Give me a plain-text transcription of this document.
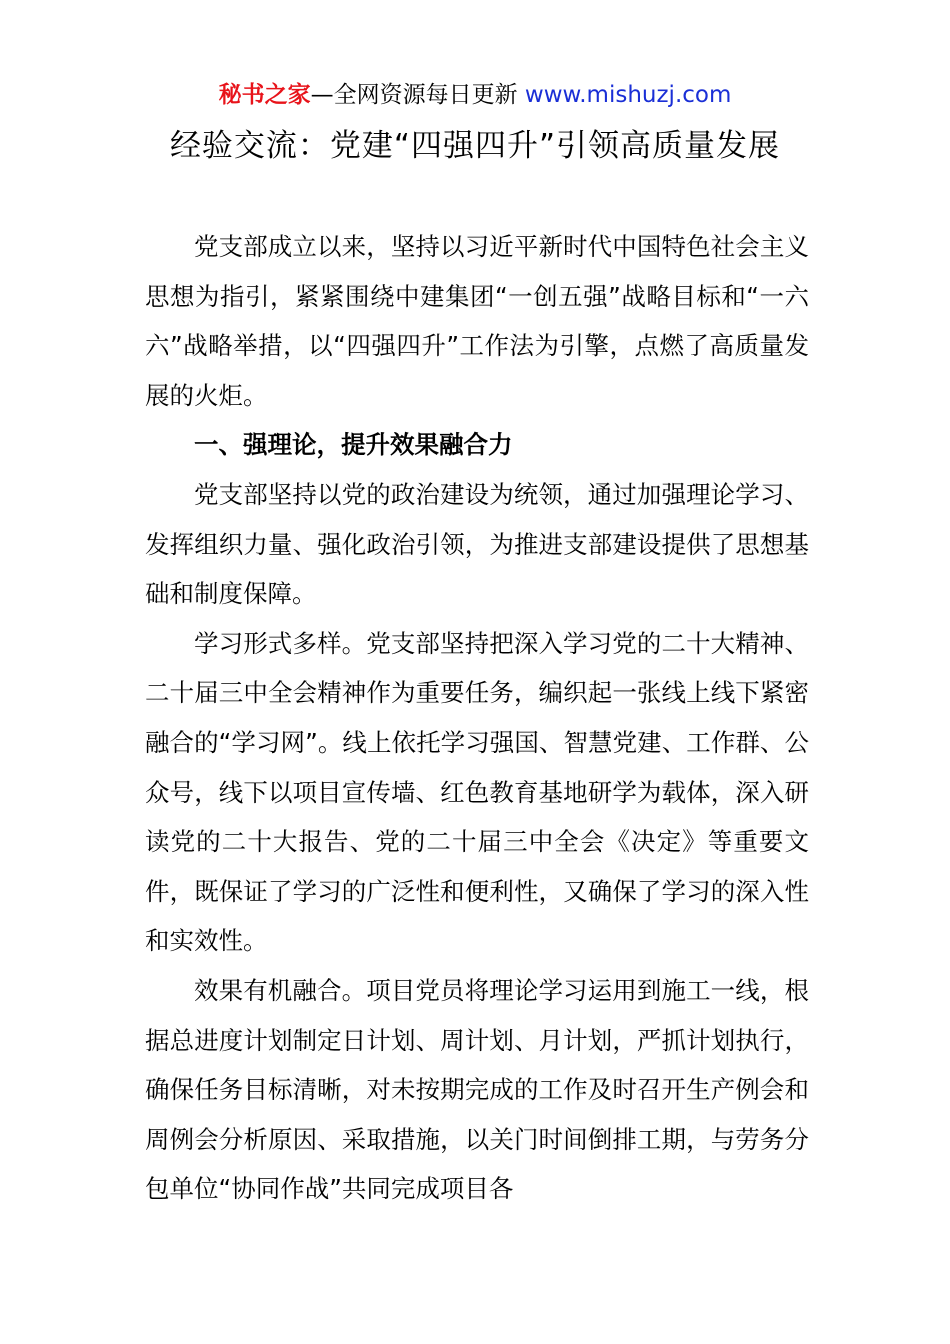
秘书之家—全网资源每日更新 www.mishuzj.com
经验交流：党建“四强四升”引领高质量发展

党支部成立以来，坚持以习近平新时代中国特色社会主义思想为指引，紧紧围绕中建集团“一创五强”战略目标和“一六六”战略举措，以“四强四升”工作法为引擎，点燃了高质量发展的火炬。

一、强理论，提升效果融合力

党支部坚持以党的政治建设为统领，通过加强理论学习、发挥组织力量、强化政治引领，为推进支部建设提供了思想基础和制度保障。

学习形式多样。党支部坚持把深入学习党的二十大精神、二十届三中全会精神作为重要任务，编织起一张线上线下紧密融合的“学习网”。线上依托学习强国、智慧党建、工作群、公众号，线下以项目宣传墙、红色教育基地研学为载体，深入研读党的二十大报告、党的二十届三中全会《决定》等重要文件，既保证了学习的广泛性和便利性，又确保了学习的深入性和实效性。

效果有机融合。项目党员将理论学习运用到施工一线，根据总进度计划制定日计划、周计划、月计划，严抓计划执行，确保任务目标清晰，对未按期完成的工作及时召开生产例会和周例会分析原因、采取措施，以关门时间倒排工期，与劳务分包单位“协同作战”共同完成项目各
